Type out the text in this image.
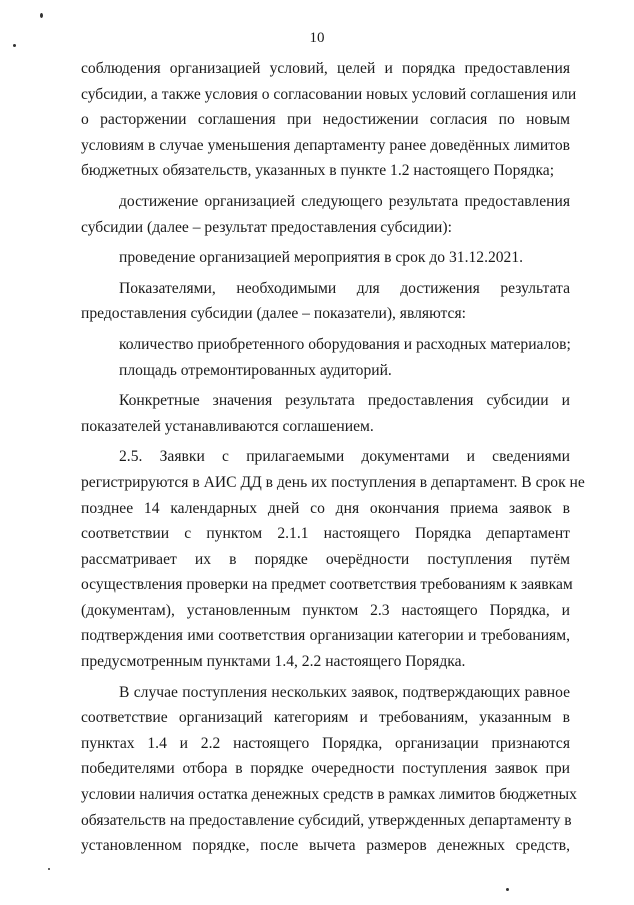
10
соблюдения организацией условий, целей и порядка предоставления
субсидии, а также условия о согласовании новых условий соглашения или
о расторжении соглашения при недостижении согласия по новым
условиям в случае уменьшения департаменту ранее доведённых лимитов
бюджетных обязательств, указанных в пункте 1.2 настоящего Порядка;
достижение организацией следующего результата предоставления
субсидии (далее – результат предоставления субсидии):
проведение организацией мероприятия в срок до 31.12.2021.
Показателями, необходимыми для достижения результата
предоставления субсидии (далее – показатели), являются:
количество приобретенного оборудования и расходных материалов;
площадь отремонтированных аудиторий.
Конкретные значения результата предоставления субсидии и
показателей устанавливаются соглашением.
2.5. Заявки с прилагаемыми документами и сведениями
регистрируются в АИС ДД в день их поступления в департамент. В срок не
позднее 14 календарных дней со дня окончания приема заявок в
соответствии с пунктом 2.1.1 настоящего Порядка департамент
рассматривает их в порядке очерёдности поступления путём
осуществления проверки на предмет соответствия требованиям к заявкам
(документам), установленным пунктом 2.3 настоящего Порядка, и
подтверждения ими соответствия организации категории и требованиям,
предусмотренным пунктами 1.4, 2.2 настоящего Порядка.
В случае поступления нескольких заявок, подтверждающих равное
соответствие организаций категориям и требованиям, указанным в
пунктах 1.4 и 2.2 настоящего Порядка, организации признаются
победителями отбора в порядке очередности поступления заявок при
условии наличия остатка денежных средств в рамках лимитов бюджетных
обязательств на предоставление субсидий, утвержденных департаменту в
установленном порядке, после вычета размеров денежных средств,
